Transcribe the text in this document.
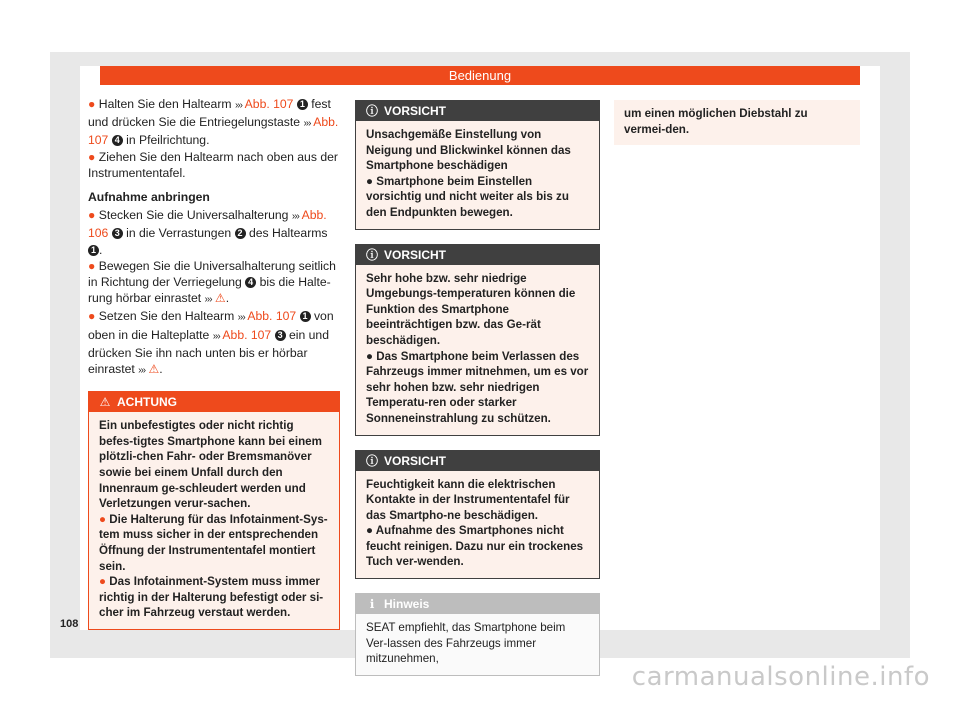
Bedienung

● Halten Sie den Haltearm ››› Abb. 107 1 fest und drücken Sie die Entriegelungstaste ››› Abb. 107 4 in Pfeilrichtung.

● Ziehen Sie den Haltearm nach oben aus der Instrumententafel.

Aufnahme anbringen

● Stecken Sie die Universalhalterung ››› Abb. 106 3 in die Verrastungen 2 des Haltearms 1 .

● Bewegen Sie die Universalhalterung seitlich in Richtung der Verriegelung 4 bis die Halte-rung hörbar einrastet ››› ⚠.

● Setzen Sie den Haltearm ››› Abb. 107 1 von oben in die Halteplatte ››› Abb. 107 3 ein und drücken Sie ihn nach unten bis er hörbar einrastet ››› ⚠.

⚠ ACHTUNG

Ein unbefestigtes oder nicht richtig befes-tigtes Smartphone kann bei einem plötzli-chen Fahr- oder Bremsmanöver sowie bei einem Unfall durch den Innenraum ge-schleudert werden und Verletzungen verur-sachen.

● Die Halterung für das Infotainment-Sys-tem muss sicher in der entsprechenden Öffnung der Instrumententafel montiert sein.

● Das Infotainment-System muss immer richtig in der Halterung befestigt oder si-cher im Fahrzeug verstaut werden.

ⓘ VORSICHT

Unsachgemäße Einstellung von Neigung und Blickwinkel können das Smartphone beschädigen

● Smartphone beim Einstellen vorsichtig und nicht weiter als bis zu den Endpunkten bewegen.

ⓘ VORSICHT

Sehr hohe bzw. sehr niedrige Umgebungs-temperaturen können die Funktion des Smartphone beeinträchtigen bzw. das Ge-rät beschädigen.

● Das Smartphone beim Verlassen des Fahrzeugs immer mitnehmen, um es vor sehr hohen bzw. sehr niedrigen Temperatu-ren oder starker Sonneneinstrahlung zu schützen.

ⓘ VORSICHT

Feuchtigkeit kann die elektrischen Kontakte in der Instrumententafel für das Smartpho-ne beschädigen.

● Aufnahme des Smartphones nicht feucht reinigen. Dazu nur ein trockenes Tuch ver-wenden.

ℹ Hinweis

SEAT empfiehlt, das Smartphone beim Ver-lassen des Fahrzeugs immer mitzunehmen,

um einen möglichen Diebstahl zu vermei-den.

108
carmanualsonline.info
